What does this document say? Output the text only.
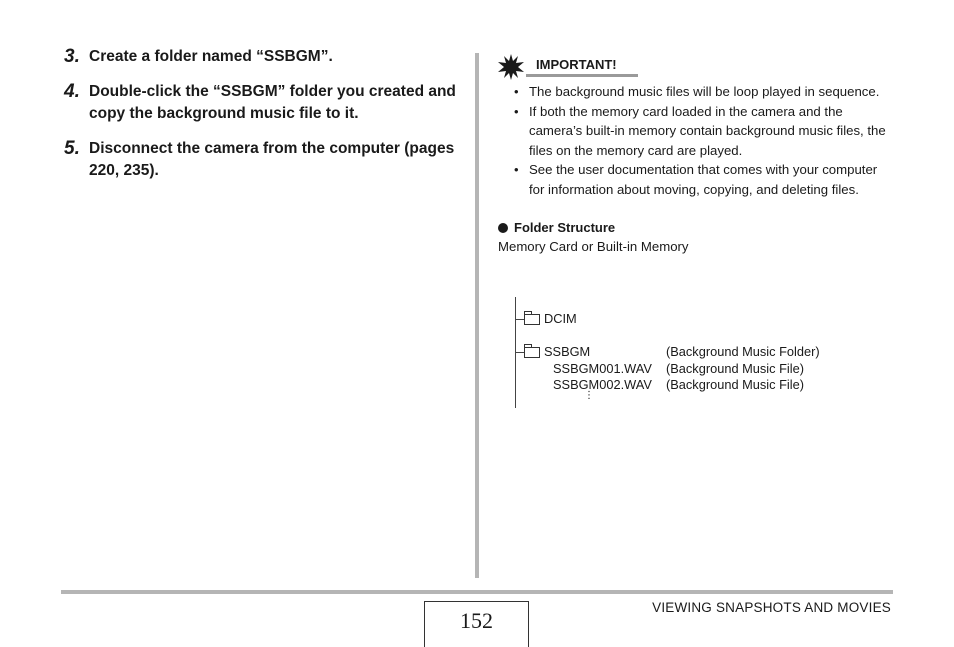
3. Create a folder named “SSBGM”.
4. Double-click the “SSBGM” folder you created and copy the background music file to it.
5. Disconnect the camera from the computer (pages 220, 235).
IMPORTANT!
• The background music files will be loop played in sequence.
• If both the memory card loaded in the camera and the camera’s built-in memory contain background music files, the files on the memory card are played.
• See the user documentation that comes with your computer for information about moving, copying, and deleting files.
Folder Structure
Memory Card or Built-in Memory
DCIM
SSBGM	(Background Music Folder)
SSBGM001.WAV (Background Music File)
SSBGM002.WAV (Background Music File)
⋮
152
VIEWING SNAPSHOTS AND MOVIES
